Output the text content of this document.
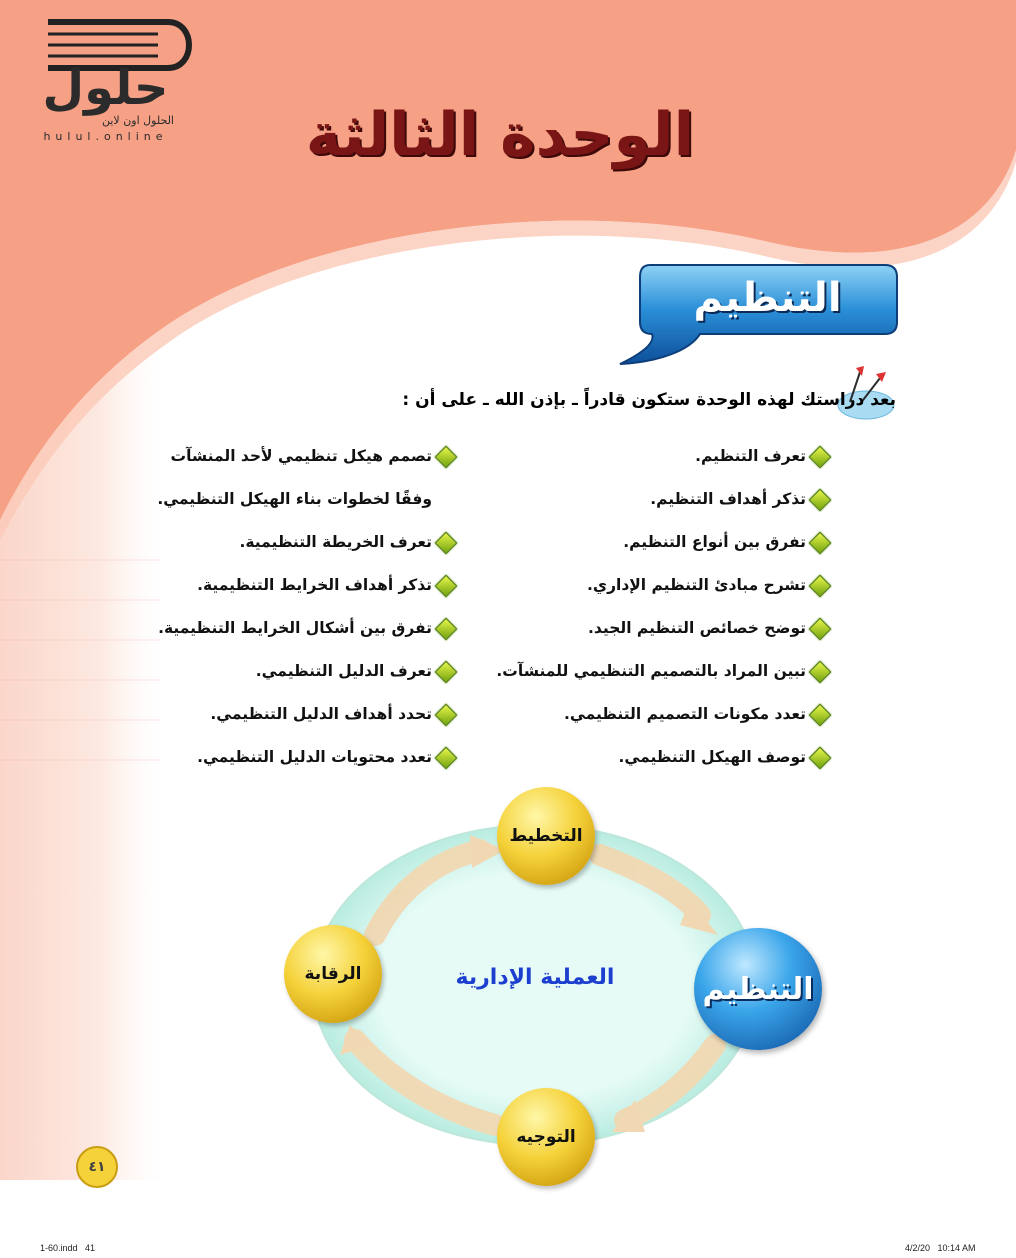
حلول
الحلول اون لاين
hulul.online	الوحدة الثالثة
التنظيم
بعد دراستك لهذه الوحدة ستكون قادراً ـ بإذن الله ـ على أن :
تعرف التنظيم.
تذكر أهداف التنظيم.
تفرق بين أنواع التنظيم.
تشرح مبادئ التنظيم الإداري.
توضح خصائص التنظيم الجيد.
تبين المراد بالتصميم التنظيمي للمنشآت.
تعدد مكونات التصميم التنظيمي.
توصف الهيكل التنظيمي.
تصمم هيكل تنظيمي لأحد المنشآت
وفقًا لخطوات بناء الهيكل التنظيمي.
تعرف الخريطة التنظيمية.
تذكر أهداف الخرايط التنظيمية.
تفرق بين أشكال الخرايط التنظيمية.
تعرف الدليل التنظيمي.
تحدد أهداف الدليل التنظيمي.
تعدد محتويات الدليل التنظيمي.
التخطيط
التنظيم
التوجيه
الرقابة	العملية الإدارية
٤١
1-60.indd   41	4/2/20   10:14 AM
